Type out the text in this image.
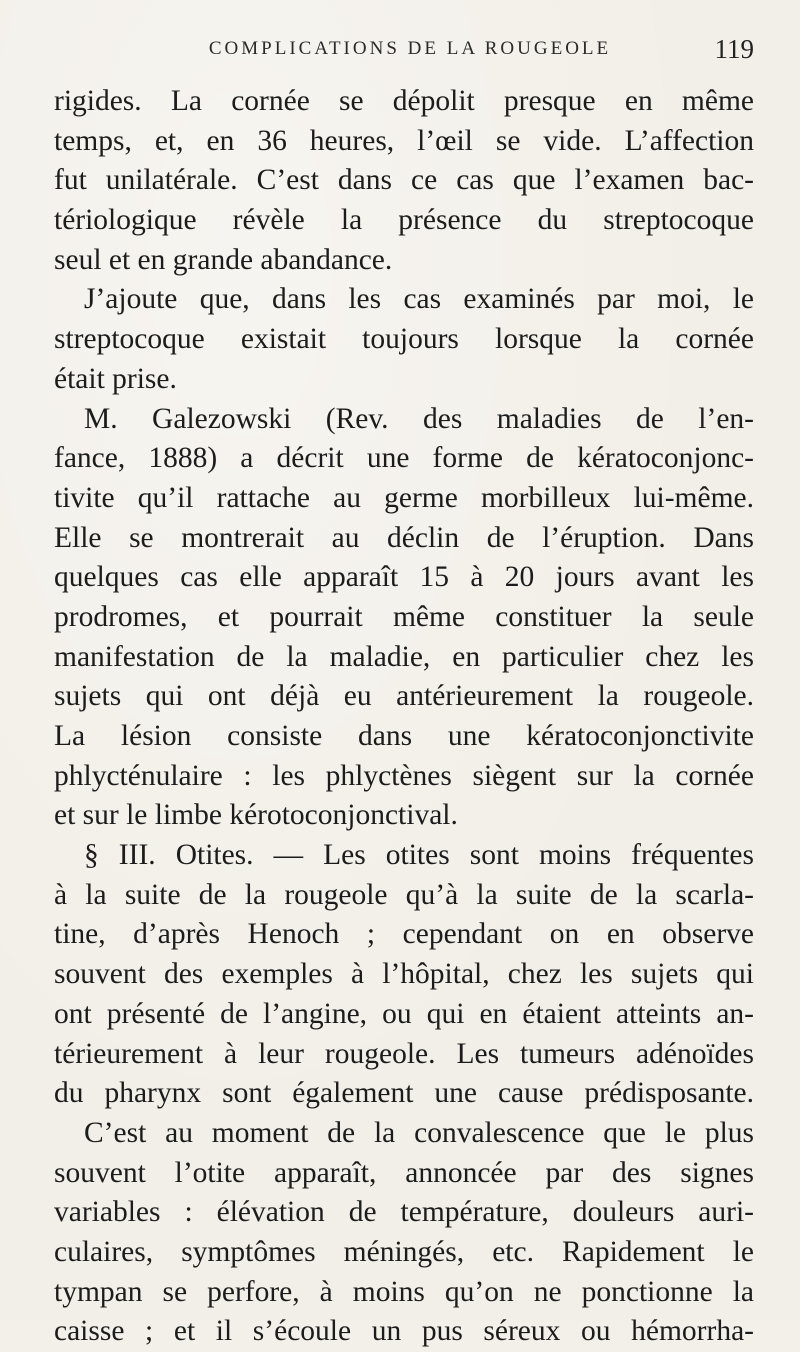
COMPLICATIONS DE LA ROUGEOLE	119
rigides. La cornée se dépolit presque en même
temps, et, en 36 heures, l’œil se vide. L’affection
fut unilatérale. C’est dans ce cas que l’examen bac-
tériologique révèle la présence du streptocoque
seul et en grande abandance.
J’ajoute que, dans les cas examinés par moi, le
streptocoque existait toujours lorsque la cornée
était prise.
M. Galezowski (Rev. des maladies de l’en-
fance, 1888) a décrit une forme de kératoconjonc-
tivite qu’il rattache au germe morbilleux lui-même.
Elle se montrerait au déclin de l’éruption. Dans
quelques cas elle apparaît 15 à 20 jours avant les
prodromes, et pourrait même constituer la seule
manifestation de la maladie, en particulier chez les
sujets qui ont déjà eu antérieurement la rougeole.
La lésion consiste dans une kératoconjonctivite
phlycténulaire : les phlyctènes siègent sur la cornée
et sur le limbe kérotoconjonctival.
§ III. Otites. — Les otites sont moins fréquentes
à la suite de la rougeole qu’à la suite de la scarla-
tine, d’après Henoch ; cependant on en observe
souvent des exemples à l’hôpital, chez les sujets qui
ont présenté de l’angine, ou qui en étaient atteints an-
térieurement à leur rougeole. Les tumeurs adénoïdes
du pharynx sont également une cause prédisposante.
C’est au moment de la convalescence que le plus
souvent l’otite apparaît, annoncée par des signes
variables : élévation de température, douleurs auri-
culaires, symptômes méningés, etc. Rapidement le
tympan se perfore, à moins qu’on ne ponctionne la
caisse ; et il s’écoule un pus séreux ou hémorrha-
